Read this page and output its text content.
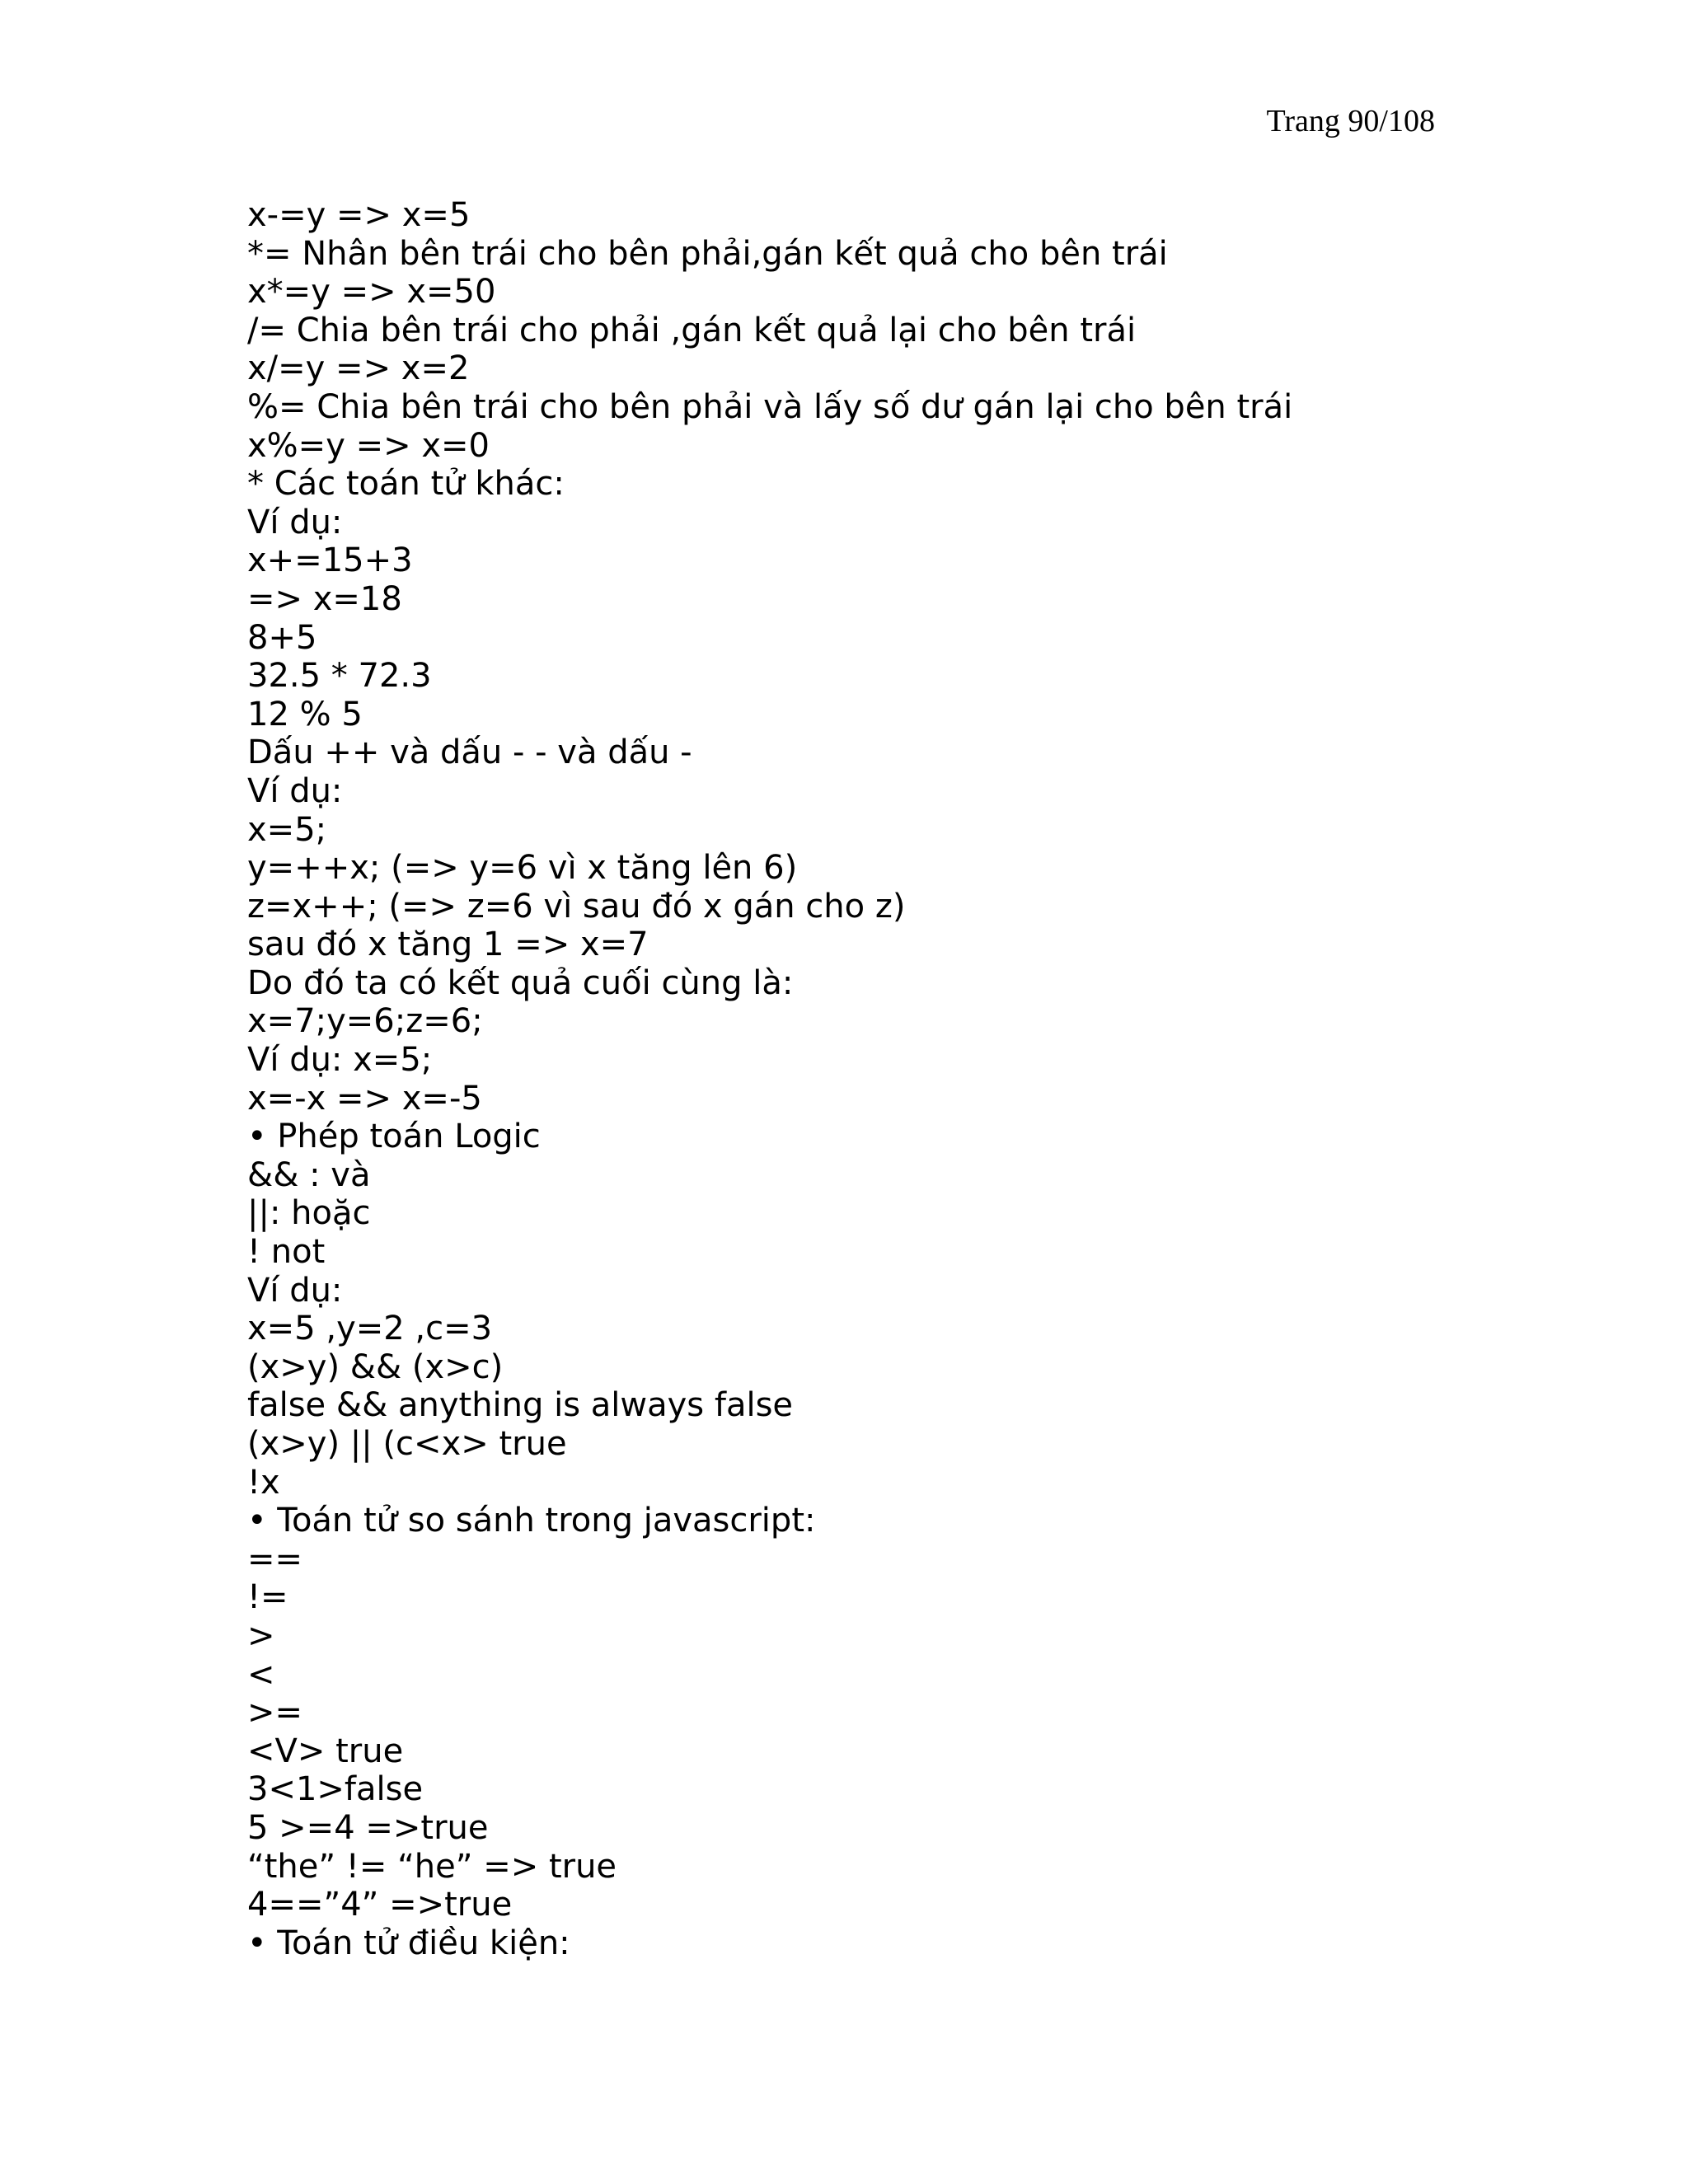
Trang 90/108
x-=y => x=5
*= Nhân bên trái cho bên phải,gán kết quả cho bên trái
x*=y => x=50
/= Chia bên trái cho phải ,gán kết quả lại cho bên trái
x/=y => x=2
%= Chia bên trái cho bên phải và lấy số dư gán lại cho bên trái
x%=y => x=0
* Các toán tử khác:
Ví dụ:
x+=15+3
=> x=18
8+5
32.5 * 72.3
12 % 5
Dấu ++ và dấu - - và dấu -
Ví dụ:
x=5;
y=++x; (=> y=6 vì x tăng lên 6)
z=x++; (=> z=6 vì sau đó x gán cho z)
sau đó x tăng 1 => x=7
Do đó ta có kết quả cuối cùng là:
x=7;y=6;z=6;
Ví dụ: x=5;
x=-x => x=-5
• Phép toán Logic
&& : và
||: hoặc
! not
Ví dụ:
x=5 ,y=2 ,c=3
(x>y) && (x>c)
false && anything is always false
(x>y) || (c<x> true
!x
• Toán tử so sánh trong javascript:
==
!=
>
<
>=
<V> true
3<1>false
5 >=4 =>true
“the” != “he” => true
4==”4” =>true
• Toán tử điều kiện:
